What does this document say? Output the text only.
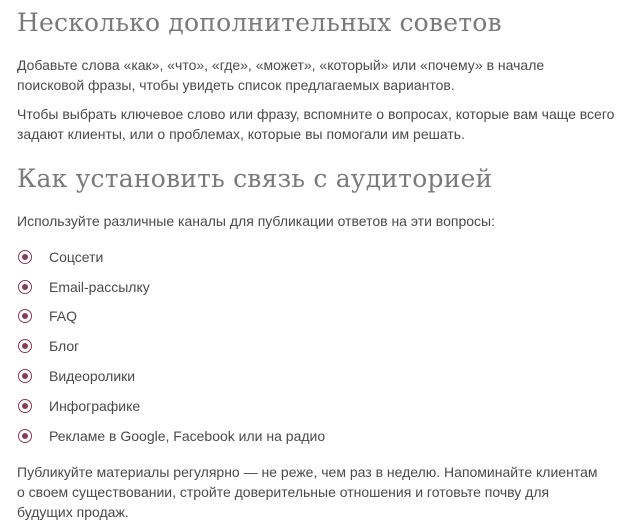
Несколько дополнительных советов

Добавьте слова «как», «что», «где», «может», «который» или «почему» в начале поисковой фразы, чтобы увидеть список предлагаемых вариантов.

Чтобы выбрать ключевое слово или фразу, вспомните о вопросах, которые вам чаще всего задают клиенты, или о проблемах, которые вы помогали им решать.

Как установить связь с аудиторией

Используйте различные каналы для публикации ответов на эти вопросы:

Соцсети
Email-рассылку
FAQ
Блог
Видеоролики
Инфографике
Рекламе в Google, Facebook или на радио

Публикуйте материалы регулярно — не реже, чем раз в неделю. Напоминайте клиентам о своем существовании, стройте доверительные отношения и готовьте почву для будущих продаж.
